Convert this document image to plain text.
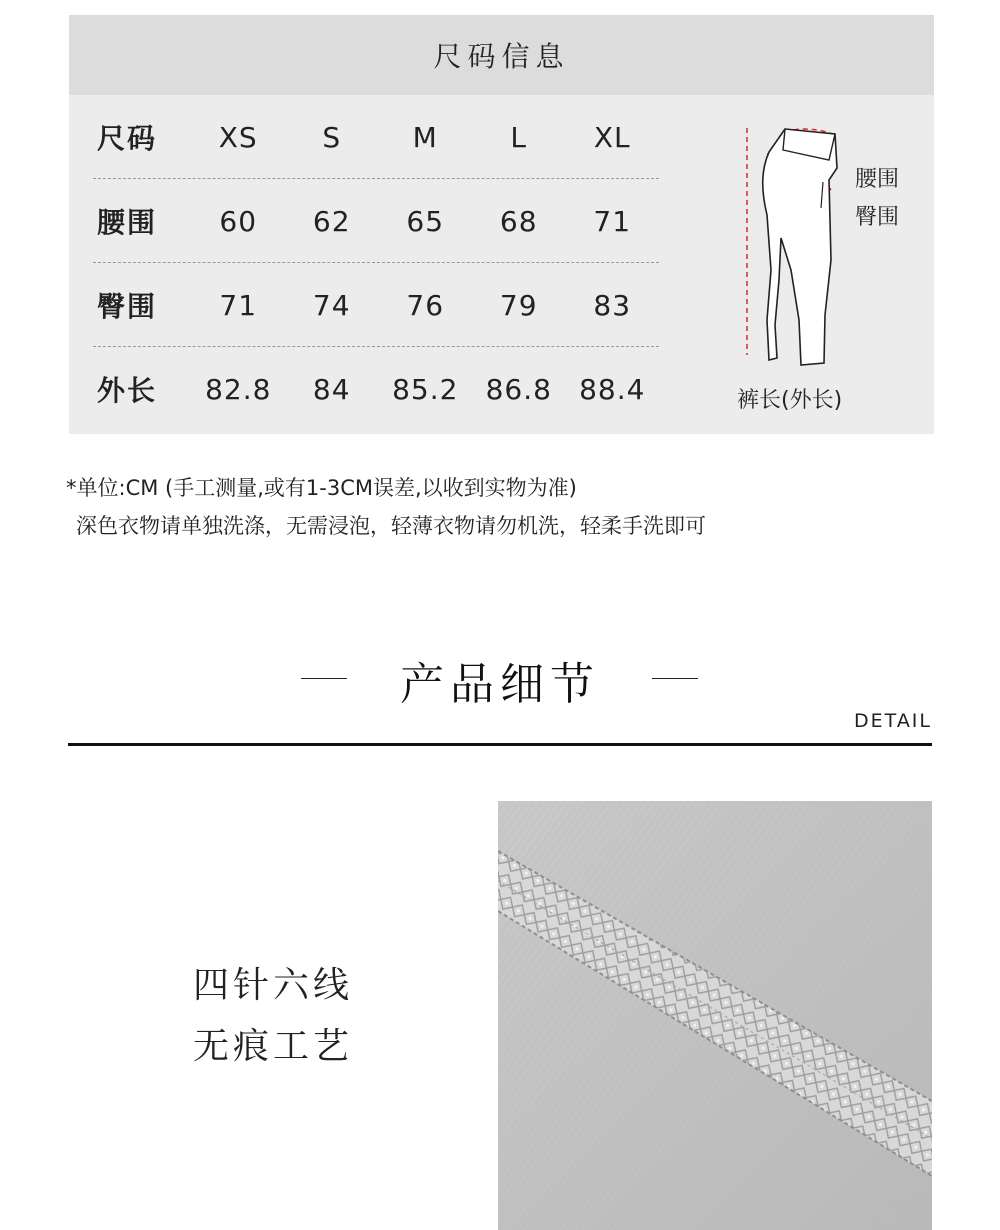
尺码信息
尺码	XS	S	M	L	XL
腰围	60	62	65	68	71
臀围	71	74	76	79	83
外长	82.8	84	85.2 86.8 88.4
腰围
臀围
裤长(外长)
*单位:CM (手工测量,或有1-3CM误差,以收到实物为准)
深色衣物请单独洗涤，无需浸泡，轻薄衣物请勿机洗，轻柔手洗即可
产品细节
DETAIL
四针六线
无痕工艺
